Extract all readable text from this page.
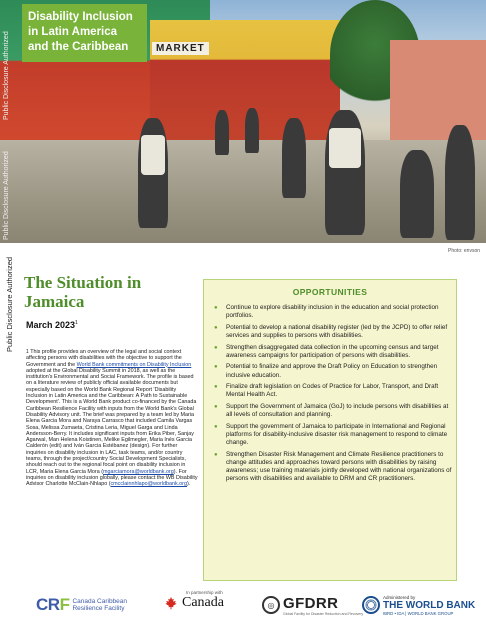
MARKET
Disability Inclusion
in Latin America
and the Caribbean
Photo: envson
Public Disclosure Authorized
Public Disclosure Authorized
Public Disclosure Authorized The Situation in
Jamaica
March 2023$^1$
1 This profile provides an overview of the legal and social context affecting persons with disabilities with the objective to support the Government and the World Bank commitments on Disability Inclusion adopted at the Global Disability Summit in 2018, as well as the institution's Environmental and Social Framework. The profile is based on a literature review of publicly official available documents but especially based on the World Bank Regional Report 'Disability Inclusion in Latin America and the Caribbean: A Path to Sustainable Development'. This is a World Bank product co-financed by the Canada Caribbean Resilience Facility with inputs from the World Bank's Global Disability Advisory unit. The brief was prepared by a team led by Maria Elena Garcia Mora and Naraya Carrasco that included Camila Vargas Sosa, Melissa Zumaeta, Cristina Leria, Miguel Garga and Linda Andersson-Berry. It includes significant inputs from Erika Piber, Sanjay Agarwal, Man Helena Koistinen, Melike Egilmegler, Maria Inés Garcia Calderón (edit) and Iván Garcia Estébanez (design). For further inquiries on disability inclusion in LAC, task teams, and/or country teams, through the project/country Social Development Specialists, should reach out to the regional focal point on disability inclusion in LCR, Maria Elena Garcia Mora (mgarciamora@worldbank.org). For inquiries on disability inclusion globally, please contact the WB Disability Advisor Charlotte McClain-Nhlapo (cmcclainnhlapo@worldbank.org).
OPPORTUNITIES
● Continue to explore disability inclusion in the education and social protection portfolios.
● Potential to develop a national disability register (led by the JCPD) to offer relief services and supplies to persons with disabilities.
● Strengthen disaggregated data collection in the upcoming census and target awareness campaigns for participation of persons with disabilities.
● Potential to finalize and approve the Draft Policy on Education to strengthen inclusive education.
● Finalize draft legislation on Codes of Practice for Labor, Transport, and Draft Mental Health Act.
● Support the Government of Jamaica (GoJ) to include persons with disabilities at all levels of consultation and planning.
● Support the government of Jamaica to participate in International and Regional platforms for disability-inclusive disaster risk management to respond to climate change.
● Strengthen Disaster Risk Management and Climate Resilience practitioners to change attitudes and approaches toward persons with disabilities by raising awareness; use training materials jointly developed with national organizations of persons with disabilities and available to DRM and CR practitioners.
CRF Canada Caribbean
Resilience Facility
In partnership with
Canada	◎ GFDRR
Global Facility for Disaster Reduction and Recovery
Administered by
THE WORLD BANK
IBRD • IDA | WORLD BANK GROUP
